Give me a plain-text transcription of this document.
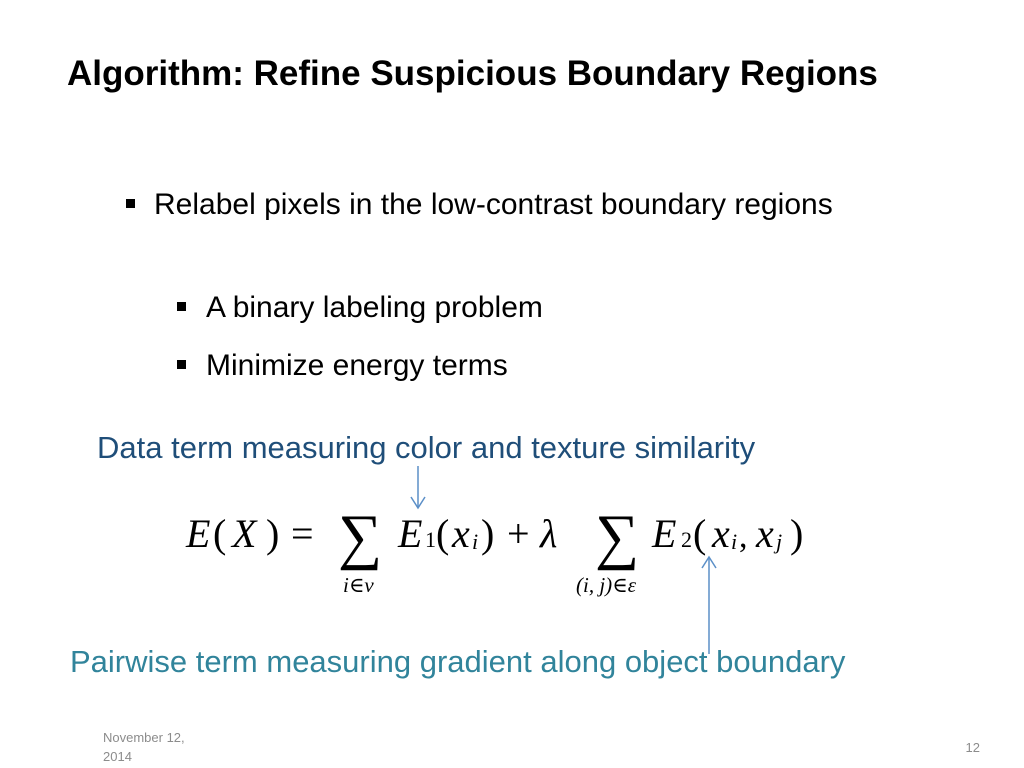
Algorithm: Refine Suspicious Boundary Regions
Relabel pixels in the low-contrast boundary regions
A binary labeling problem
Minimize energy terms
Data term measuring color and texture similarity
E ( X ) = ∑
i∈ν
E 1 ( x i ) + λ ∑
(i, j)∈ε
E 2 ( x i , x j )
Pairwise term measuring gradient along object boundary
November 12, 2014
12
